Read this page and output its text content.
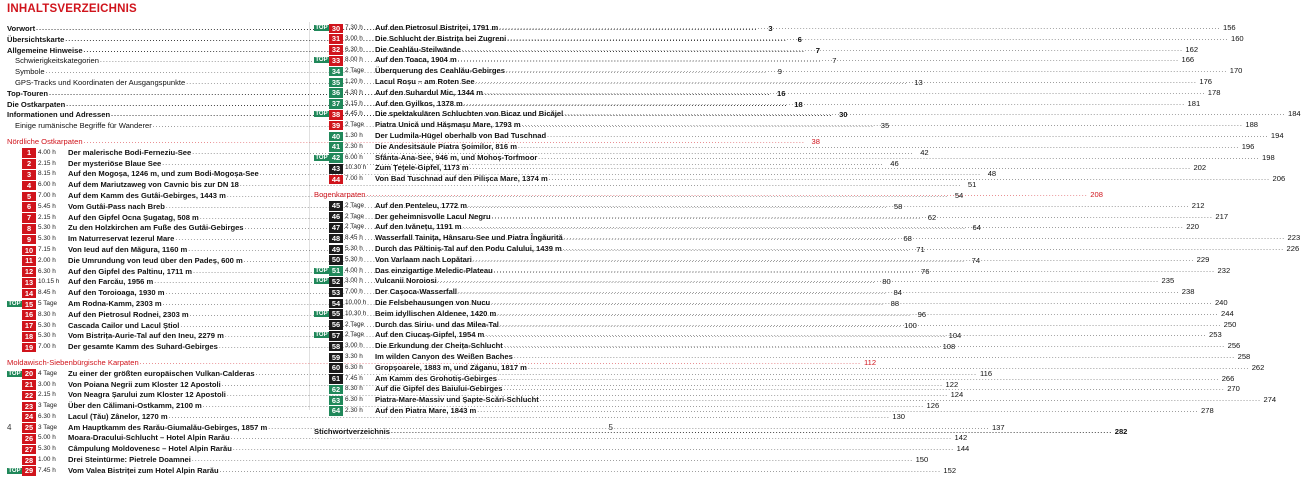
INHALTSVERZEICHNIS
Vorwort .....	3
Übersichtskarte .....	6
Allgemeine Hinweise .....	7
Schwierigkeitskategorien .....	7
Symbole .....	9
GPS-Tracks und Koordinaten der Ausgangspunkte .....	13
Top-Touren .....	16
Die Ostkarpaten .....	18
Informationen und Adressen .....	30
Einige rumänische Begriffe für Wanderer .....	35
Nördliche Ostkarpaten .....	38
1	4.00 h	Der malerische Bodi-Ferneziu-See .....	42
2	2.15 h	Der mysteriöse Blaue See .....	46
3	8.15 h	Auf den Mogoșa, 1246 m, und zum Bodi-Mogoșa-See .....	48
4	6.00 h	Auf dem Mariutzaweg von Cavnic bis zur DN 18 .....	51
5	7.00 h	Auf dem Kamm des Gutâi-Gebirges, 1443 m .....	54
6	5.45 h	Vom Gutâi-Pass nach Breb .....	58
7	2.15 h	Auf den Gipfel Ocna Șugatag, 508 m .....	62
8	5.30 h	Zu den Holzkirchen am Fuße des Gutâi-Gebirges .....	64
9	5.30 h	Im Naturreservat Iezerul Mare .....	68
10 7.15 h	Von Ieud auf den Măgura, 1160 m .....	71
11 2.00 h	Die Umrundung von Ieud über den Padeș, 600 m .....	74
12 6.30 h	Auf den Gipfel des Paltinu, 1711 m .....	76
13 10.15 h	Auf den Farcău, 1956 m .....	80
14 8.45 h	Auf den Toroioaga, 1930 m .....	84
TOP 15 5 Tage	Am Rodna-Kamm, 2303 m .....	88
16 8.30 h	Auf den Pietrosul Rodnei, 2303 m .....	96
17 5.30 h	Cascada Cailor und Lacul Știol .....	100
18 5.30 h	Vom Bistrița-Aurie-Tal auf den Ineu, 2279 m .....	104
19 7.00 h	Der gesamte Kamm des Suhard-Gebirges .....	108
Moldawisch-Siebenbürgische Karpaten .....	112
TOP 20 4 Tage	Zu einer der größten europäischen Vulkan-Calderas .....	116
21 3.00 h	Von Poiana Negrii zum Kloster 12 Apostoli .....	122
22 2.15 h	Von Neagra Șarului zum Kloster 12 Apostoli .....	124
23 3 Tage	Über den Călimani-Ostkamm, 2100 m .....	126
24 6.30 h	Lacul (Tău) Zânelor, 1270 m .....	130
25 3 Tage	Am Hauptkamm des Rarău-Giumalău-Gebirges, 1857 m .....	137
26 5.00 h	Moara-Dracului-Schlucht – Hotel Alpin Rarău .....	142
27 5.30 h	Câmpulung Moldovenesc – Hotel Alpin Rarău .....	144
28 1.00 h	Drei Steintürme: Pietrele Doamnei .....	150
TOP 29 7.45 h	Vom Valea Bistriței zum Hotel Alpin Rarău .....	152
TOP 30 7.30 h	Auf den Pietrosul Bistriței, 1791 m .....	156
31 3.00 h	Die Schlucht der Bistrița bei Zugreni .....	160
32 6.30 h	Die Ceahlău-Steilwände .....	162
TOP 33 8.00 h	Auf den Toaca, 1904 m .....	166
34 2 Tage	Überquerung des Ceahlău-Gebirges .....	170
35 1.20 h	Lacul Roșu – am Roten See .....	176
36 4.30 h	Auf den Suhardul Mic, 1344 m .....	178
37 3.15 h	Auf den Gyilkos, 1378 m .....	181
TOP 38 4.45 h	Die spektakulären Schluchten von Bicaz und Bicăjel .....	184
39 2 Tage	Piatra Unică und Hășmașu Mare, 1793 m .....	188
40 1.30 h	Der Ludmila-Hügel oberhalb von Bad Tuschnad .....	194
41 2.30 h	Die Andesitsäule Piatra Șoimilor, 816 m .....	196
TOP 42 6.00 h	Sfânta-Ana-See, 946 m, und Mohoș-Torfmoor .....	198
43 10.30 h	Zum Țețele-Gipfel, 1173 m .....	202
44 7.00 h	Von Bad Tuschnad auf den Pilișca Mare, 1374 m .....	206
Bogenkarpaten .....	208
45 2 Tage	Auf den Penteleu, 1772 m .....	212
46 2 Tage	Der geheimnisvolle Lacul Negru .....	217
47 2 Tage	Auf den Ivănețu, 1191 m .....	220
48 8.45 h	Wasserfall Tainița, Hânsaru-See und Piatra Îngăurită .....	223
49 5.30 h	Durch das Păltiniș-Tal auf den Podu Calului, 1439 m .....	226
50 5.30 h	Von Varlaam nach Lopătari .....	229
TOP 51 4.00 h	Das einzigartige Meledic-Plateau .....	232
TOP 52 3.00 h	Vulcanii Noroiosi .....	235
53 7.00 h	Der Cașoca-Wasserfall .....	238
54 10.00 h	Die Felsbehausungen von Nucu .....	240
TOP 55 10.30 h	Beim idyllischen Aldenee, 1420 m .....	244
56 2 Tage	Durch das Siriu- und das Milea-Tal .....	250
TOP 57 2 Tage	Auf den Ciucaș-Gipfel, 1954 m .....	253
58 3.00 h	Die Erkundung der Cheița-Schlucht .....	256
59 3.30 h	Im wilden Canyon des Weißen Baches .....	258
60 6.30 h	Gropșoarele, 1883 m, und Zăganu, 1817 m .....	262
61 7.45 h	Am Kamm des Grohotiș-Gebirges .....	266
62 8.30 h	Auf die Gipfel des Baiului-Gebirges .....	270
63 6.30 h	Piatra-Mare-Massiv und Șapte-Scări-Schlucht .....	274
64 2.30 h	Auf den Piatra Mare, 1843 m .....	278
Stichwortverzeichnis .....	282
4	5
